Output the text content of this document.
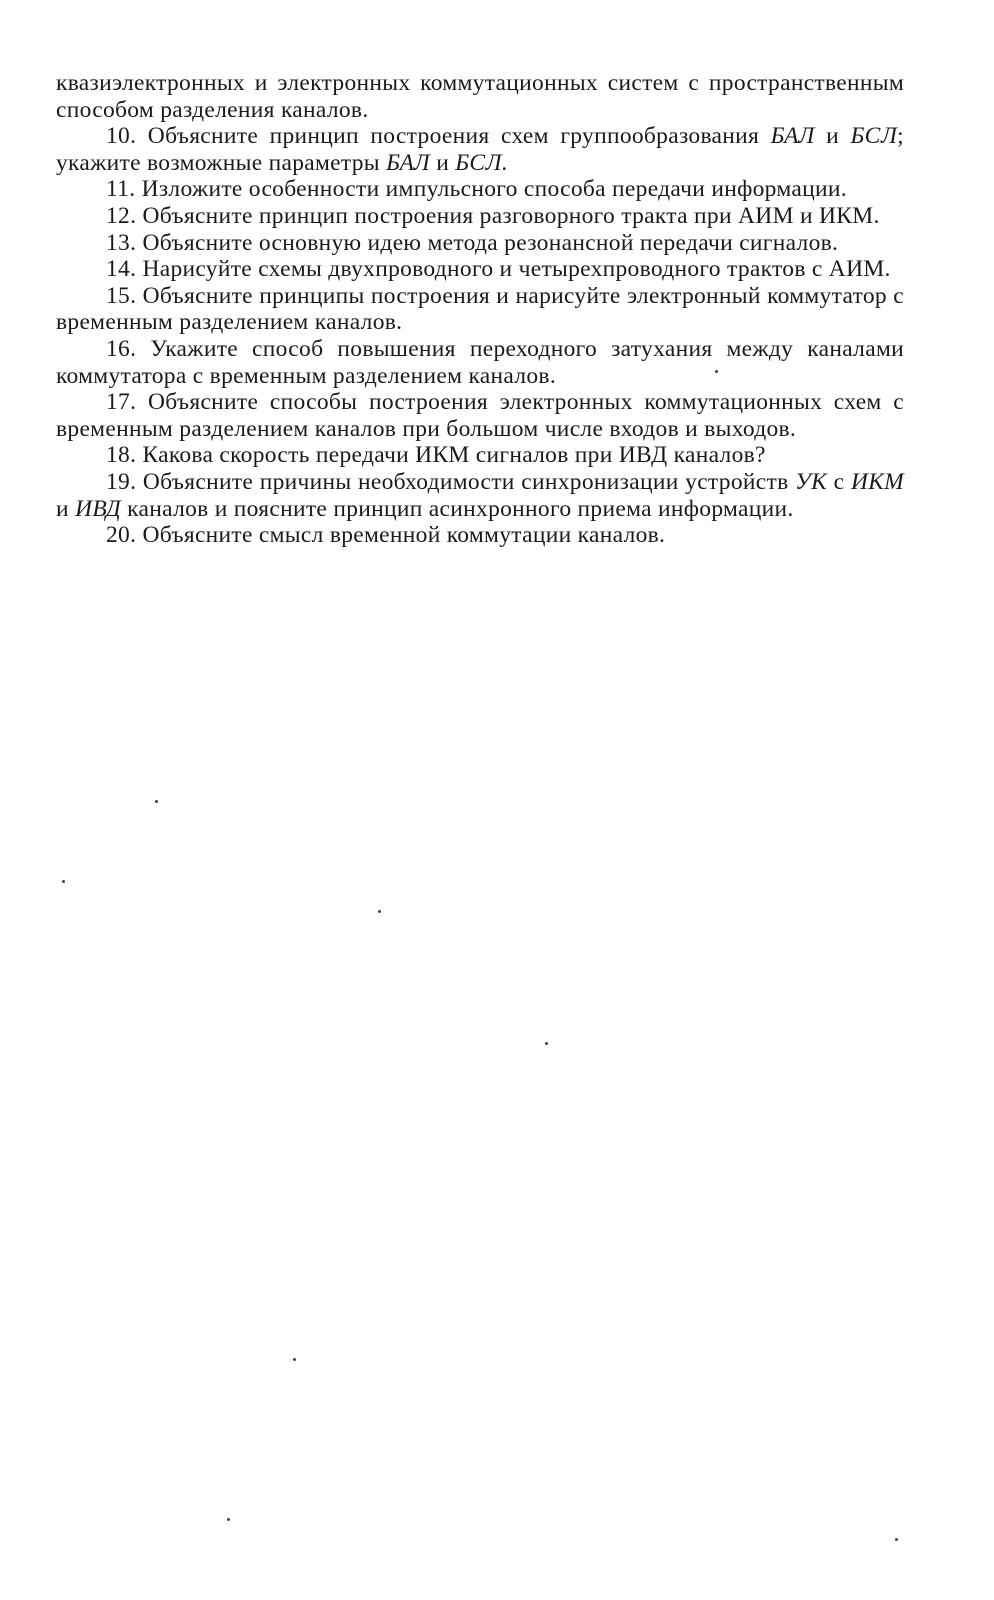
квазиэлектронных и электронных коммутационных систем с пространственным способом разделения каналов.

10. Объясните принцип построения схем группообразования БАЛ и БСЛ; укажите возможные параметры БАЛ и БСЛ.

11. Изложите особенности импульсного способа передачи информации.

12. Объясните принцип построения разговорного тракта при АИМ и ИКМ.

13. Объясните основную идею метода резонансной передачи сигналов.

14. Нарисуйте схемы двухпроводного и четырехпроводного трактов с АИМ.

15. Объясните принципы построения и нарисуйте электронный коммутатор с временным разделением каналов.

16. Укажите способ повышения переходного затухания между каналами коммутатора с временным разделением каналов.

17. Объясните способы построения электронных коммутационных схем с временным разделением каналов при большом числе входов и выходов.

18. Какова скорость передачи ИКМ сигналов при ИВД каналов?

19. Объясните причины необходимости синхронизации устройств УК с ИКМ и ИВД каналов и поясните принцип асинхронного приема информации.

20. Объясните смысл временной коммутации каналов.
